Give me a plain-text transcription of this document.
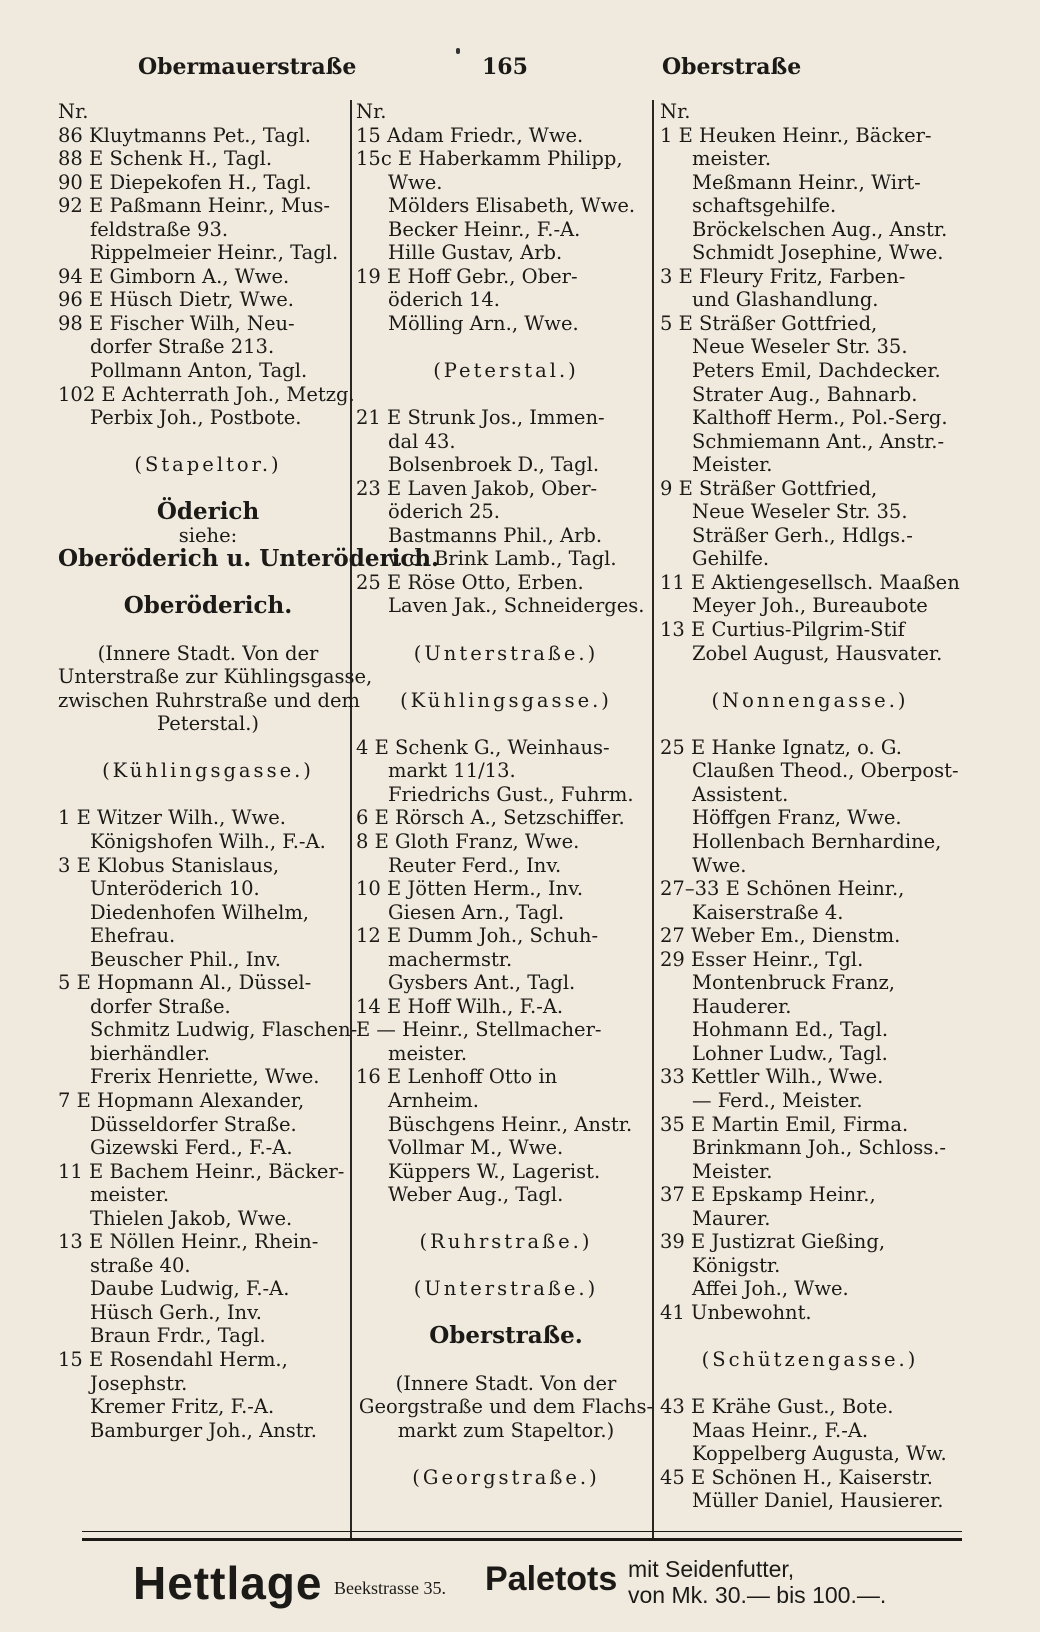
Obermauerstraße	165	Oberstraße
Nr.
86 Kluytmanns Pet., Tagl.
88 E Schenk H., Tagl.
90 E Diepekofen H., Tagl.
92 E Paßmann Heinr., Mus-
feldstraße 93.
Rippelmeier Heinr., Tagl.
94 E Gimborn A., Wwe.
96 E Hüsch Dietr, Wwe.
98 E Fischer Wilh, Neu-
dorfer Straße 213.
Pollmann Anton, Tagl.
102 E Achterrath Joh., Metzg.
Perbix Joh., Postbote.
(Stapeltor.)
Öderich
siehe:
Oberöderich u. Unteröderich.
Oberöderich.
(Innere Stadt. Von der
Unterstraße zur Kühlingsgasse,
zwischen Ruhrstraße und dem
Peterstal.)
(Kühlingsgasse.)
1 E Witzer Wilh., Wwe.
Königshofen Wilh., F.-A.
3 E Klobus Stanislaus,
Unteröderich 10.
Diedenhofen Wilhelm,
Ehefrau.
Beuscher Phil., Inv.
5 E Hopmann Al., Düssel-
dorfer Straße.
Schmitz Ludwig, Flaschen-
bierhändler.
Frerix Henriette, Wwe.
7 E Hopmann Alexander,
Düsseldorfer Straße.
Gizewski Ferd., F.-A.
11 E Bachem Heinr., Bäcker-
meister.
Thielen Jakob, Wwe.
13 E Nöllen Heinr., Rhein-
straße 40.
Daube Ludwig, F.-A.
Hüsch Gerh., Inv.
Braun Frdr., Tagl.
15 E Rosendahl Herm.,
Josephstr.
Kremer Fritz, F.-A.
Bamburger Joh., Anstr.
Nr.
15 Adam Friedr., Wwe.
15c E Haberkamm Philipp,
Wwe.
Mölders Elisabeth, Wwe.
Becker Heinr., F.-A.
Hille Gustav, Arb.
19 E Hoff Gebr., Ober-
öderich 14.
Mölling Arn., Wwe.
(Peterstal.)
21 E Strunk Jos., Immen-
dal 43.
Bolsenbroek D., Tagl.
23 E Laven Jakob, Ober-
öderich 25.
Bastmanns Phil., Arb.
v. d. Brink Lamb., Tagl.
25 E Röse Otto, Erben.
Laven Jak., Schneiderges.
(Unterstraße.)
(Kühlingsgasse.)
4 E Schenk G., Weinhaus-
markt 11/13.
Friedrichs Gust., Fuhrm.
6 E Rörsch A., Setzschiffer.
8 E Gloth Franz, Wwe.
Reuter Ferd., Inv.
10 E Jötten Herm., Inv.
Giesen Arn., Tagl.
12 E Dumm Joh., Schuh-
machermstr.
Gysbers Ant., Tagl.
14 E Hoff Wilh., F.-A.
E — Heinr., Stellmacher-
meister.
16 E Lenhoff Otto in
Arnheim.
Büschgens Heinr., Anstr.
Vollmar M., Wwe.
Küppers W., Lagerist.
Weber Aug., Tagl.
(Ruhrstraße.)
(Unterstraße.)
Oberstraße.
(Innere Stadt. Von der
Georgstraße und dem Flachs-
markt zum Stapeltor.)
(Georgstraße.)
Nr.
1 E Heuken Heinr., Bäcker-
meister.
Meßmann Heinr., Wirt-
schaftsgehilfe.
Bröckelschen Aug., Anstr.
Schmidt Josephine, Wwe.
3 E Fleury Fritz, Farben-
und Glashandlung.
5 E Sträßer Gottfried,
Neue Weseler Str. 35.
Peters Emil, Dachdecker.
Strater Aug., Bahnarb.
Kalthoff Herm., Pol.-Serg.
Schmiemann Ant., Anstr.-
Meister.
9 E Sträßer Gottfried,
Neue Weseler Str. 35.
Sträßer Gerh., Hdlgs.-
Gehilfe.
11 E Aktiengesellsch. Maaßen
Meyer Joh., Bureaubote
13 E Curtius-Pilgrim-Stif
Zobel August, Hausvater.
(Nonnengasse.)
25 E Hanke Ignatz, o. G.
Claußen Theod., Oberpost-
Assistent.
Höffgen Franz, Wwe.
Hollenbach Bernhardine,
Wwe.
27–33 E Schönen Heinr.,
Kaiserstraße 4.
27 Weber Em., Dienstm.
29 Esser Heinr., Tgl.
Montenbruck Franz,
Hauderer.
Hohmann Ed., Tagl.
Lohner Ludw., Tagl.
33 Kettler Wilh., Wwe.
— Ferd., Meister.
35 E Martin Emil, Firma.
Brinkmann Joh., Schloss.-
Meister.
37 E Epskamp Heinr.,
Maurer.
39 E Justizrat Gießing,
Königstr.
Affei Joh., Wwe.
41 Unbewohnt.
(Schützengasse.)
43 E Krähe Gust., Bote.
Maas Heinr., F.-A.
Koppelberg Augusta, Ww.
45 E Schönen H., Kaiserstr.
Müller Daniel, Hausierer.
Hettlage Beekstrasse 35. Paletots mit Seidenfutter,
von Mk. 30.— bis 100.—.
